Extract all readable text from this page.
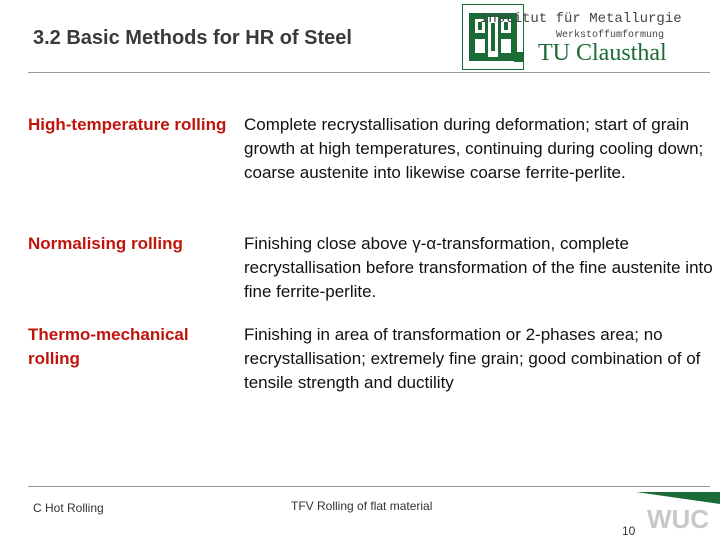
3.2 Basic Methods for HR of Steel
Institut für Metallurgie
Werkstoffumformung
TU Clausthal
High-temperature rolling Complete recrystallisation during deformation; start of grain growth at high temperatures, continuing during cooling down; coarse austenite into likewise coarse ferrite-perlite.
Normalising rolling	Finishing close above γ-α-transformation, complete recrystallisation before transformation of the fine austenite into fine ferrite-perlite.
Thermo-mechanical rolling
Finishing in area of transformation or 2-phases area; no recrystallisation; extremely fine grain; good combination of of tensile strength and ductility
C Hot Rolling	TFV Rolling of flat material
10 WUC
